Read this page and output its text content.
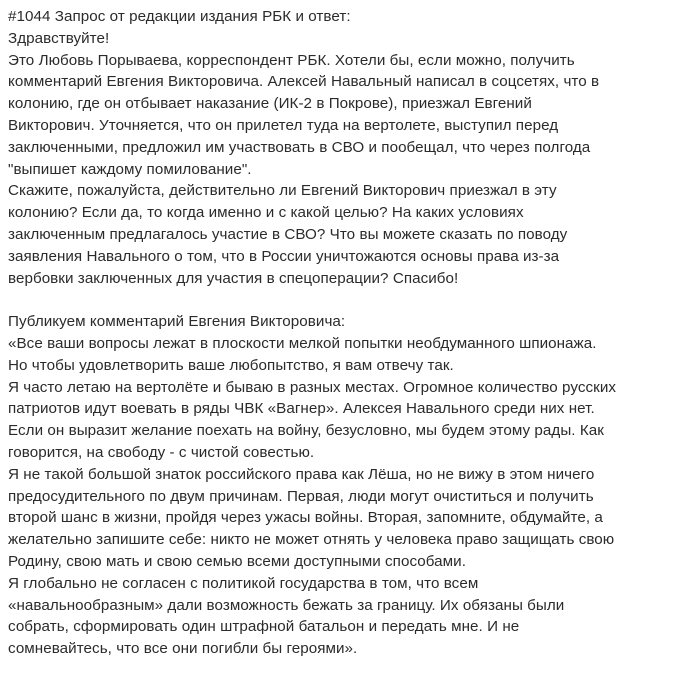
#1044 Запрос от редакции издания РБК и ответ:
Здравствуйте!
Это Любовь Порываева, корреспондент РБК. Хотели бы, если можно, получить
комментарий Евгения Викторовича. Алексей Навальный написал в соцсетях, что в
колонию, где он отбывает наказание (ИК-2 в Покрове), приезжал Евгений
Викторович. Уточняется, что он прилетел туда на вертолете, выступил перед
заключенными, предложил им участвовать в СВО и пообещал, что через полгода
"выпишет каждому помилование".
Скажите, пожалуйста, действительно ли Евгений Викторович приезжал в эту
колонию? Если да, то когда именно и с какой целью? На каких условиях
заключенным предлагалось участие в СВО? Что вы можете сказать по поводу
заявления Навального о том, что в России уничтожаются основы права из-за
вербовки заключенных для участия в спецоперации? Спасибо!
Публикуем комментарий Евгения Викторовича:
«Все ваши вопросы лежат в плоскости мелкой попытки необдуманного шпионажа.
Но чтобы удовлетворить ваше любопытство, я вам отвечу так.
Я часто летаю на вертолёте и бываю в разных местах. Огромное количество русских
патриотов идут воевать в ряды ЧВК «Вагнер». Алексея Навального среди них нет.
Если он выразит желание поехать на войну, безусловно, мы будем этому рады. Как
говорится, на свободу - с чистой совестью.
Я не такой большой знаток российского права как Лёша, но не вижу в этом ничего
предосудительного по двум причинам. Первая, люди могут очиститься и получить
второй шанс в жизни, пройдя через ужасы войны. Вторая, запомните, обдумайте, а
желательно запишите себе: никто не может отнять у человека право защищать свою
Родину, свою мать и свою семью всеми доступными способами.
Я глобально не согласен с политикой государства в том, что всем
«навальнообразным» дали возможность бежать за границу. Их обязаны были
собрать, сформировать один штрафной батальон и передать мне. И не
сомневайтесь, что все они погибли бы героями».
